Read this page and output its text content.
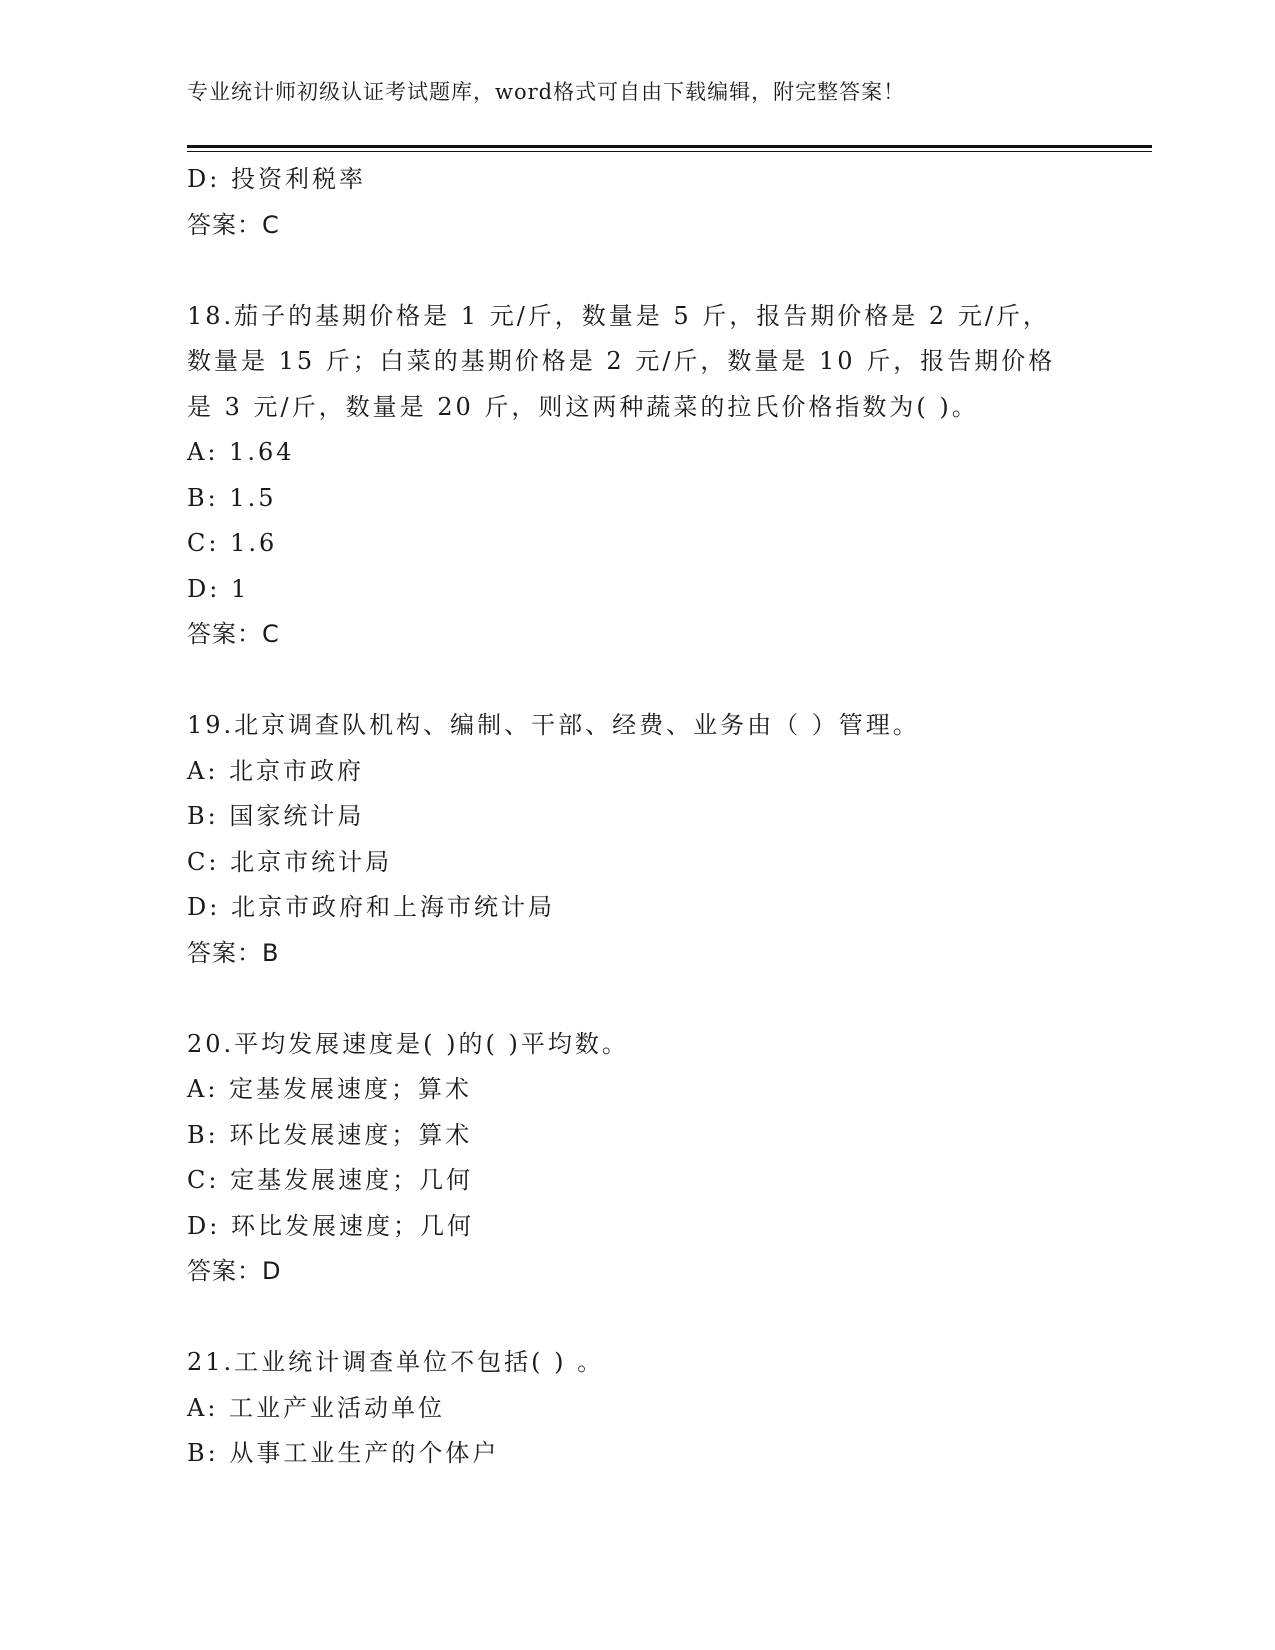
专业统计师初级认证考试题库，word格式可自由下载编辑，附完整答案！
D: 投资利税率
答案：C
18.茄子的基期价格是 1 元/斤，数量是 5 斤，报告期价格是 2 元/斤，
数量是 15 斤；白菜的基期价格是 2 元/斤，数量是 10 斤，报告期价格
是 3 元/斤，数量是 20 斤，则这两种蔬菜的拉氏价格指数为( )。
A: 1.64
B: 1.5
C: 1.6
D: 1
答案：C
19.北京调查队机构、编制、干部、经费、业务由（ ）管理。
A: 北京市政府
B: 国家统计局
C: 北京市统计局
D: 北京市政府和上海市统计局
答案：B
20.平均发展速度是( )的( )平均数。
A: 定基发展速度；算术
B: 环比发展速度；算术
C: 定基发展速度；几何
D: 环比发展速度；几何
答案：D
21.工业统计调查单位不包括( ) 。
A: 工业产业活动单位
B: 从事工业生产的个体户
